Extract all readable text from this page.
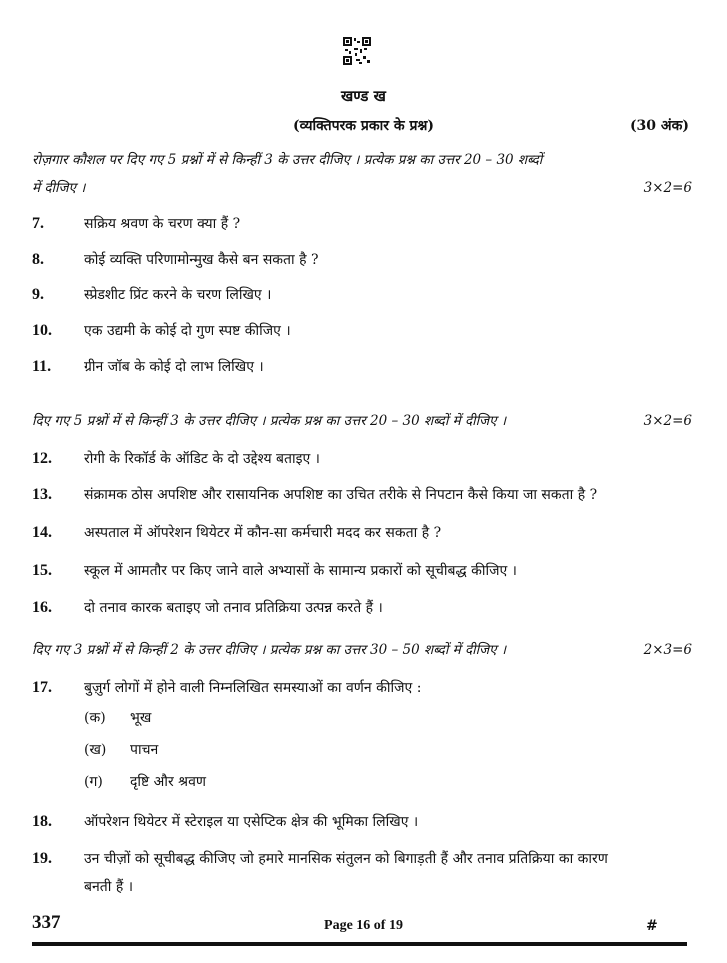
खण्ड ख
(व्यक्तिपरक प्रकार के प्रश्न)	(30 अंक)
रोज़गार कौशल पर दिए गए 5 प्रश्नों में से किन्हीं 3 के उत्तर दीजिए । प्रत्येक प्रश्न का उत्तर 20 – 30 शब्दों
में दीजिए ।	3×2=6
7.	सक्रिय श्रवण के चरण क्या हैं ?
8.	कोई व्यक्ति परिणामोन्मुख कैसे बन सकता है ?
9.	स्प्रेडशीट प्रिंट करने के चरण लिखिए ।
10. एक उद्यमी के कोई दो गुण स्पष्ट कीजिए ।
11. ग्रीन जॉब के कोई दो लाभ लिखिए ।
दिए गए 5 प्रश्नों में से किन्हीं 3 के उत्तर दीजिए । प्रत्येक प्रश्न का उत्तर 20 – 30 शब्दों में दीजिए ।	3×2=6
12. रोगी के रिकॉर्ड के ऑडिट के दो उद्देश्य बताइए ।
13. संक्रामक ठोस अपशिष्ट और रासायनिक अपशिष्ट का उचित तरीके से निपटान कैसे किया जा सकता है ?
14. अस्पताल में ऑपरेशन थियेटर में कौन-सा कर्मचारी मदद कर सकता है ?
15. स्कूल में आमतौर पर किए जाने वाले अभ्यासों के सामान्य प्रकारों को सूचीबद्ध कीजिए ।
16. दो तनाव कारक बताइए जो तनाव प्रतिक्रिया उत्पन्न करते हैं ।
दिए गए 3 प्रश्नों में से किन्हीं 2 के उत्तर दीजिए । प्रत्येक प्रश्न का उत्तर 30 – 50 शब्दों में दीजिए ।	2×3=6
17. बुज़ुर्ग लोगों में होने वाली निम्नलिखित समस्याओं का वर्णन कीजिए :
(क) भूख
(ख) पाचन
(ग) दृष्टि और श्रवण
18. ऑपरेशन थियेटर में स्टेराइल या एसेप्टिक क्षेत्र की भूमिका लिखिए ।
19. उन चीज़ों को सूचीबद्ध कीजिए जो हमारे मानसिक संतुलन को बिगाड़ती हैं और तनाव प्रतिक्रिया का कारण
बनती हैं ।
337	Page 16 of 19	#
